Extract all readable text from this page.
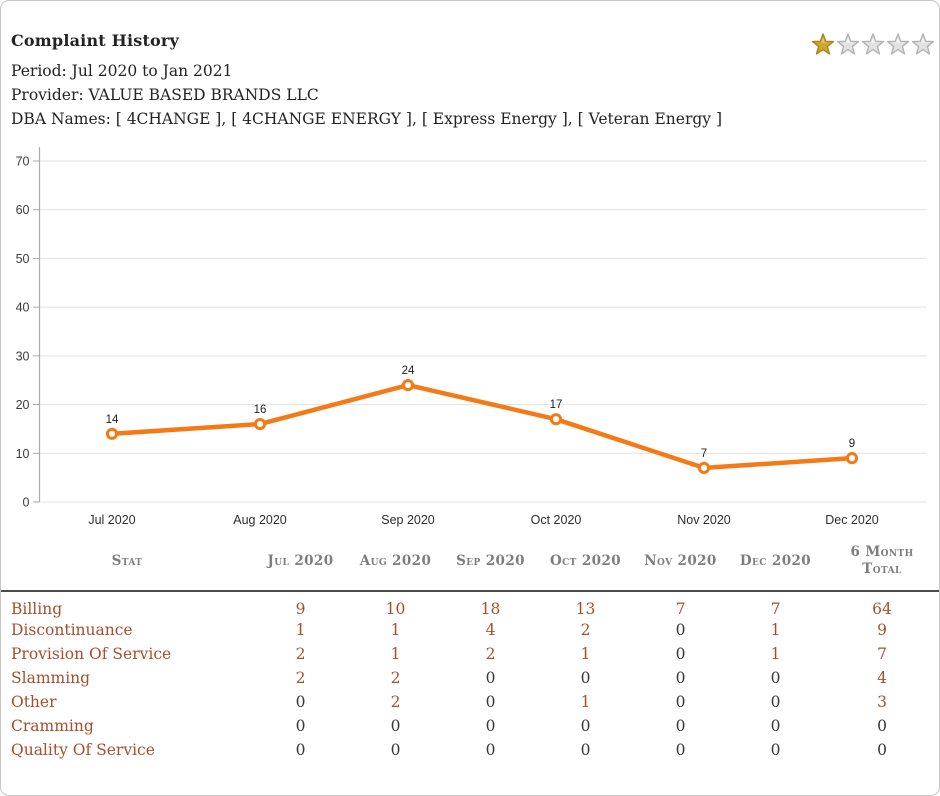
Complaint History
Period: Jul 2020 to Jan 2021
Provider: VALUE BASED BRANDS LLC
DBA Names: [ 4CHANGE ], [ 4CHANGE ENERGY ], [ Express Energy ], [ Veteran Energy ]
0
10
20
30
40
50
60
70
Jul 2020	Aug 2020	Sep 2020	Oct 2020	Nov 2020	Dec 2020
14
16
24
17
7
9
Stat	Jul 2020	Aug 2020	Sep 2020	Oct 2020	Nov 2020	Dec 2020	6 Month Total
Billing	9	10	18	13	7	7	64
Discontinuance	1	1	4	2	0	1	9
Provision Of Service	2	1	2	1	0	1	7
Slamming	2	2	0	0	0	0	4
Other	0	2	0	1	0	0	3
Cramming	0	0	0	0	0	0	0
Quality Of Service	0	0	0	0	0	0	0
